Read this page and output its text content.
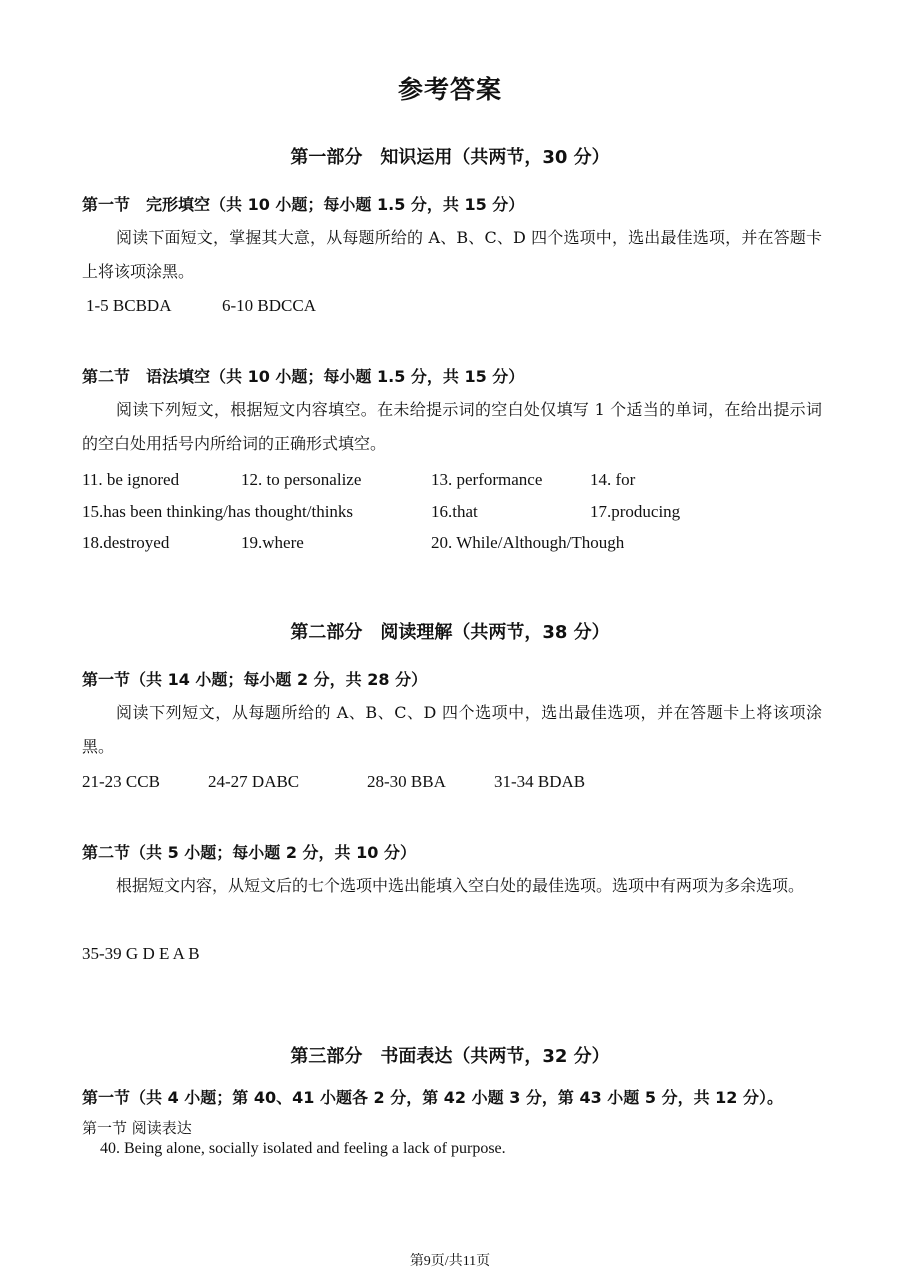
参考答案
第一部分　知识运用（共两节，30 分）
第一节　完形填空（共 10 小题；每小题 1.5 分，共 15 分）
阅读下面短文，掌握其大意，从每题所给的 A、B、C、D 四个选项中，选出最佳选项，并在答题卡上将该项涂黑。
1-5 BCBDA	6-10 BDCCA
第二节　语法填空（共 10 小题；每小题 1.5 分，共 15 分）
阅读下列短文，根据短文内容填空。在未给提示词的空白处仅填写 1 个适当的单词，在给出提示词的空白处用括号内所给词的正确形式填空。
11. be ignored	12. to personalize	13. performance	14. for
15.has been thinking/has thought/thinks	16.that	17.producing
18.destroyed	19.where	20. While/Although/Though
第二部分　阅读理解（共两节，38 分）
第一节（共 14 小题；每小题 2 分，共 28 分）
阅读下列短文，从每题所给的 A、B、C、D 四个选项中，选出最佳选项，并在答题卡上将该项涂黑。
21-23 CCB	24-27 DABC	28-30 BBA	31-34 BDAB
第二节（共 5 小题；每小题 2 分，共 10 分）
根据短文内容，从短文后的七个选项中选出能填入空白处的最佳选项。选项中有两项为多余选项。
35-39 G D E A B
第三部分　书面表达（共两节，32 分）
第一节（共 4 小题；第 40、41 小题各 2 分，第 42 小题 3 分，第 43 小题 5 分，共 12 分）。
第一节 阅读表达
40. Being alone, socially isolated and feeling a lack of purpose.
第9页/共11页
